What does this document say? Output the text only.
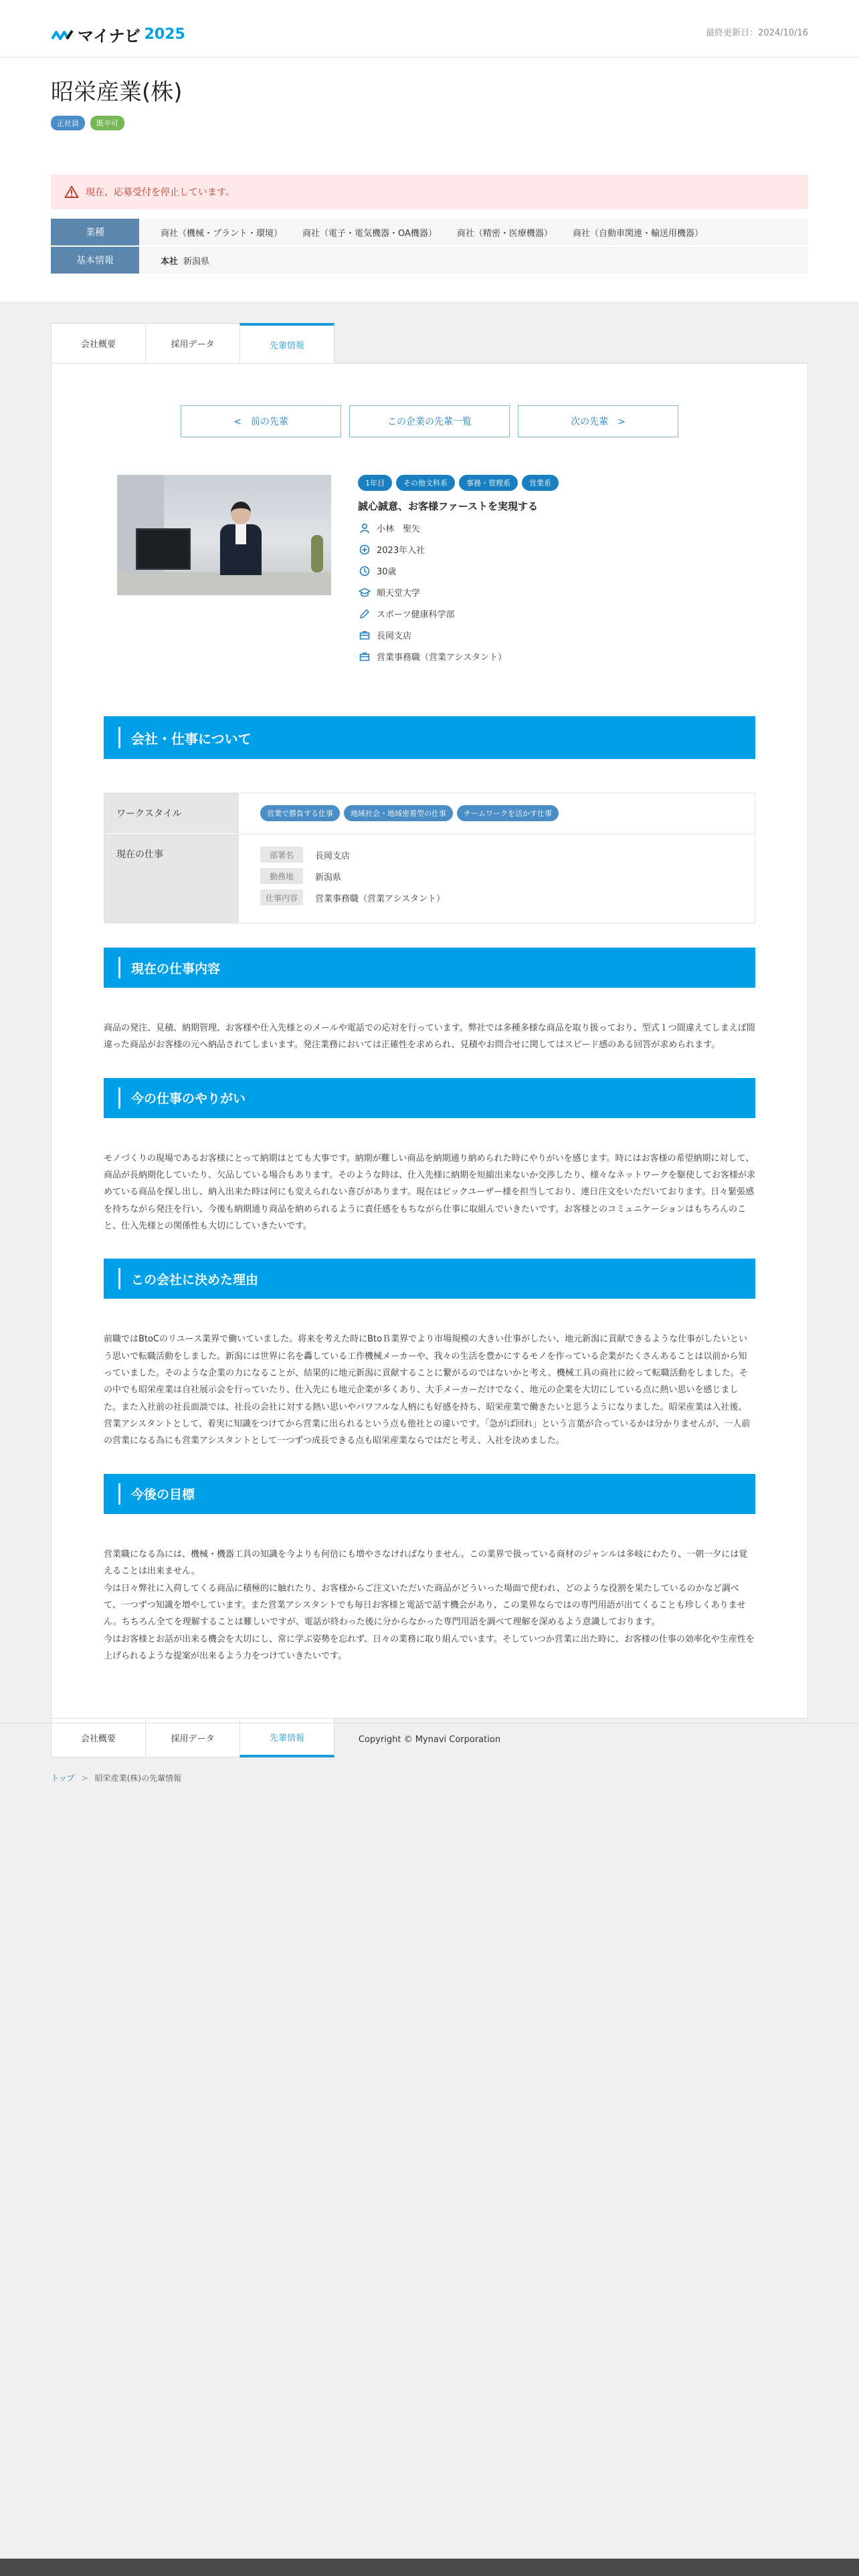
マイナビ 2025	最終更新日：2024/10/16
昭栄産業(株)
正社員	既卒可
現在、応募受付を停止しています。
業種	商社（機械・プラント・環境） 商社（電子・電気機器・OA機器） 商社（精密・医療機器） 商社（自動車関連・輸送用機器）
基本情報	本社 新潟県
会社概要	採用データ	先輩情報
<　前の先輩	この企業の先輩一覧	次の先輩　>
1年目	その他文科系	事務・管理系	営業系
誠心誠意、お客様ファーストを実現する
小林　聖矢
2023年入社
30歳
順天堂大学
スポーツ健康科学部
長岡支店
営業事務職（営業アシスタント）
会社・仕事について
ワークスタイル	営業で勝負する仕事	地域社会・地域密着型の仕事	チームワークを活かす仕事
現在の仕事	部署名	長岡支店
勤務地	新潟県
仕事内容	営業事務職（営業アシスタント）
現在の仕事内容

商品の発注、見積、納期管理、お客様や仕入先様とのメールや電話での応対を行っています。弊社では多種多様な商品を取り扱っており、型式１つ間違えてしまえば間違った商品がお客様の元へ納品されてしまいます。発注業務においては正確性を求められ、見積やお問合せに関してはスピード感のある回答が求められます。

今の仕事のやりがい

モノづくりの現場であるお客様にとって納期はとても大事です。納期が難しい商品を納期通り納められた時にやりがいを感じます。時にはお客様の希望納期に対して、商品が長納期化していたり、欠品している場合もあります。そのような時は、仕入先様に納期を短縮出来ないか交渉したり、様々なネットワークを駆使してお客様が求めている商品を探し出し、納入出来た時は何にも変えられない喜びがあります。現在はビックユーザー様を担当しており、連日注文をいただいております。日々緊張感を持ちながら発注を行い、今後も納期通り商品を納められるように責任感をもちながら仕事に取組んでいきたいです。お客様とのコミュニケーションはもちろんのこと、仕入先様との関係性も大切にしていきたいです。

この会社に決めた理由

前職ではBtoCのリユース業界で働いていました。将来を考えた時にBtoＢ業界でより市場規模の大きい仕事がしたい、地元新潟に貢献できるような仕事がしたいという思いで転職活動をしました。新潟には世界に名を轟している工作機械メーカーや、我々の生活を豊かにするモノを作っている企業がたくさんあることは以前から知っていました。そのような企業の力になることが、結果的に地元新潟に貢献することに繋がるのではないかと考え、機械工具の商社に絞って転職活動をしました。その中でも昭栄産業は自社展示会を行っていたり、仕入先にも地元企業が多くあり、大手メーカーだけでなく、地元の企業を大切にしている点に熱い思いを感じました。また入社前の社長面談では、社長の会社に対する熱い思いやパワフルな人柄にも好感を持ち、昭栄産業で働きたいと思うようになりました。昭栄産業は入社後、営業アシスタントとして、着実に知識をつけてから営業に出られるという点も他社との違いです。「急がば回れ」という言葉が合っているかは分かりませんが、一人前の営業になる為にも営業アシスタントとして一つずつ成長できる点も昭栄産業ならではだと考え、入社を決めました。

今後の目標

営業職になる為には、機械・機器工具の知識を今よりも何倍にも増やさなければなりません。この業界で扱っている商材のジャンルは多岐にわたり、一朝一夕には覚えることは出来ません。

今は日々弊社に入荷してくる商品に積極的に触れたり、お客様からご注文いただいた商品がどういった場面で使われ、どのような役割を果たしているのかなど調べて、一つずつ知識を増やしています。また営業アシスタントでも毎日お客様と電話で話す機会があり、この業界ならではの専門用語が出てくることも珍しくありません。ちちろん全てを理解することは難しいですが、電話が終わった後に分からなかった専門用語を調べて理解を深めるよう意識しております。

今はお客様とお話が出来る機会を大切にし、常に学ぶ姿勢を忘れず、日々の業務に取り組んでいます。そしていつか営業に出た時に、お客様の仕事の効率化や生産性を上げられるような提案が出来るよう力をつけていきたいです。

会社概要	採用データ	先輩情報
トップ > 昭栄産業(株)の先輩情報
Copyright © Mynavi Corporation
